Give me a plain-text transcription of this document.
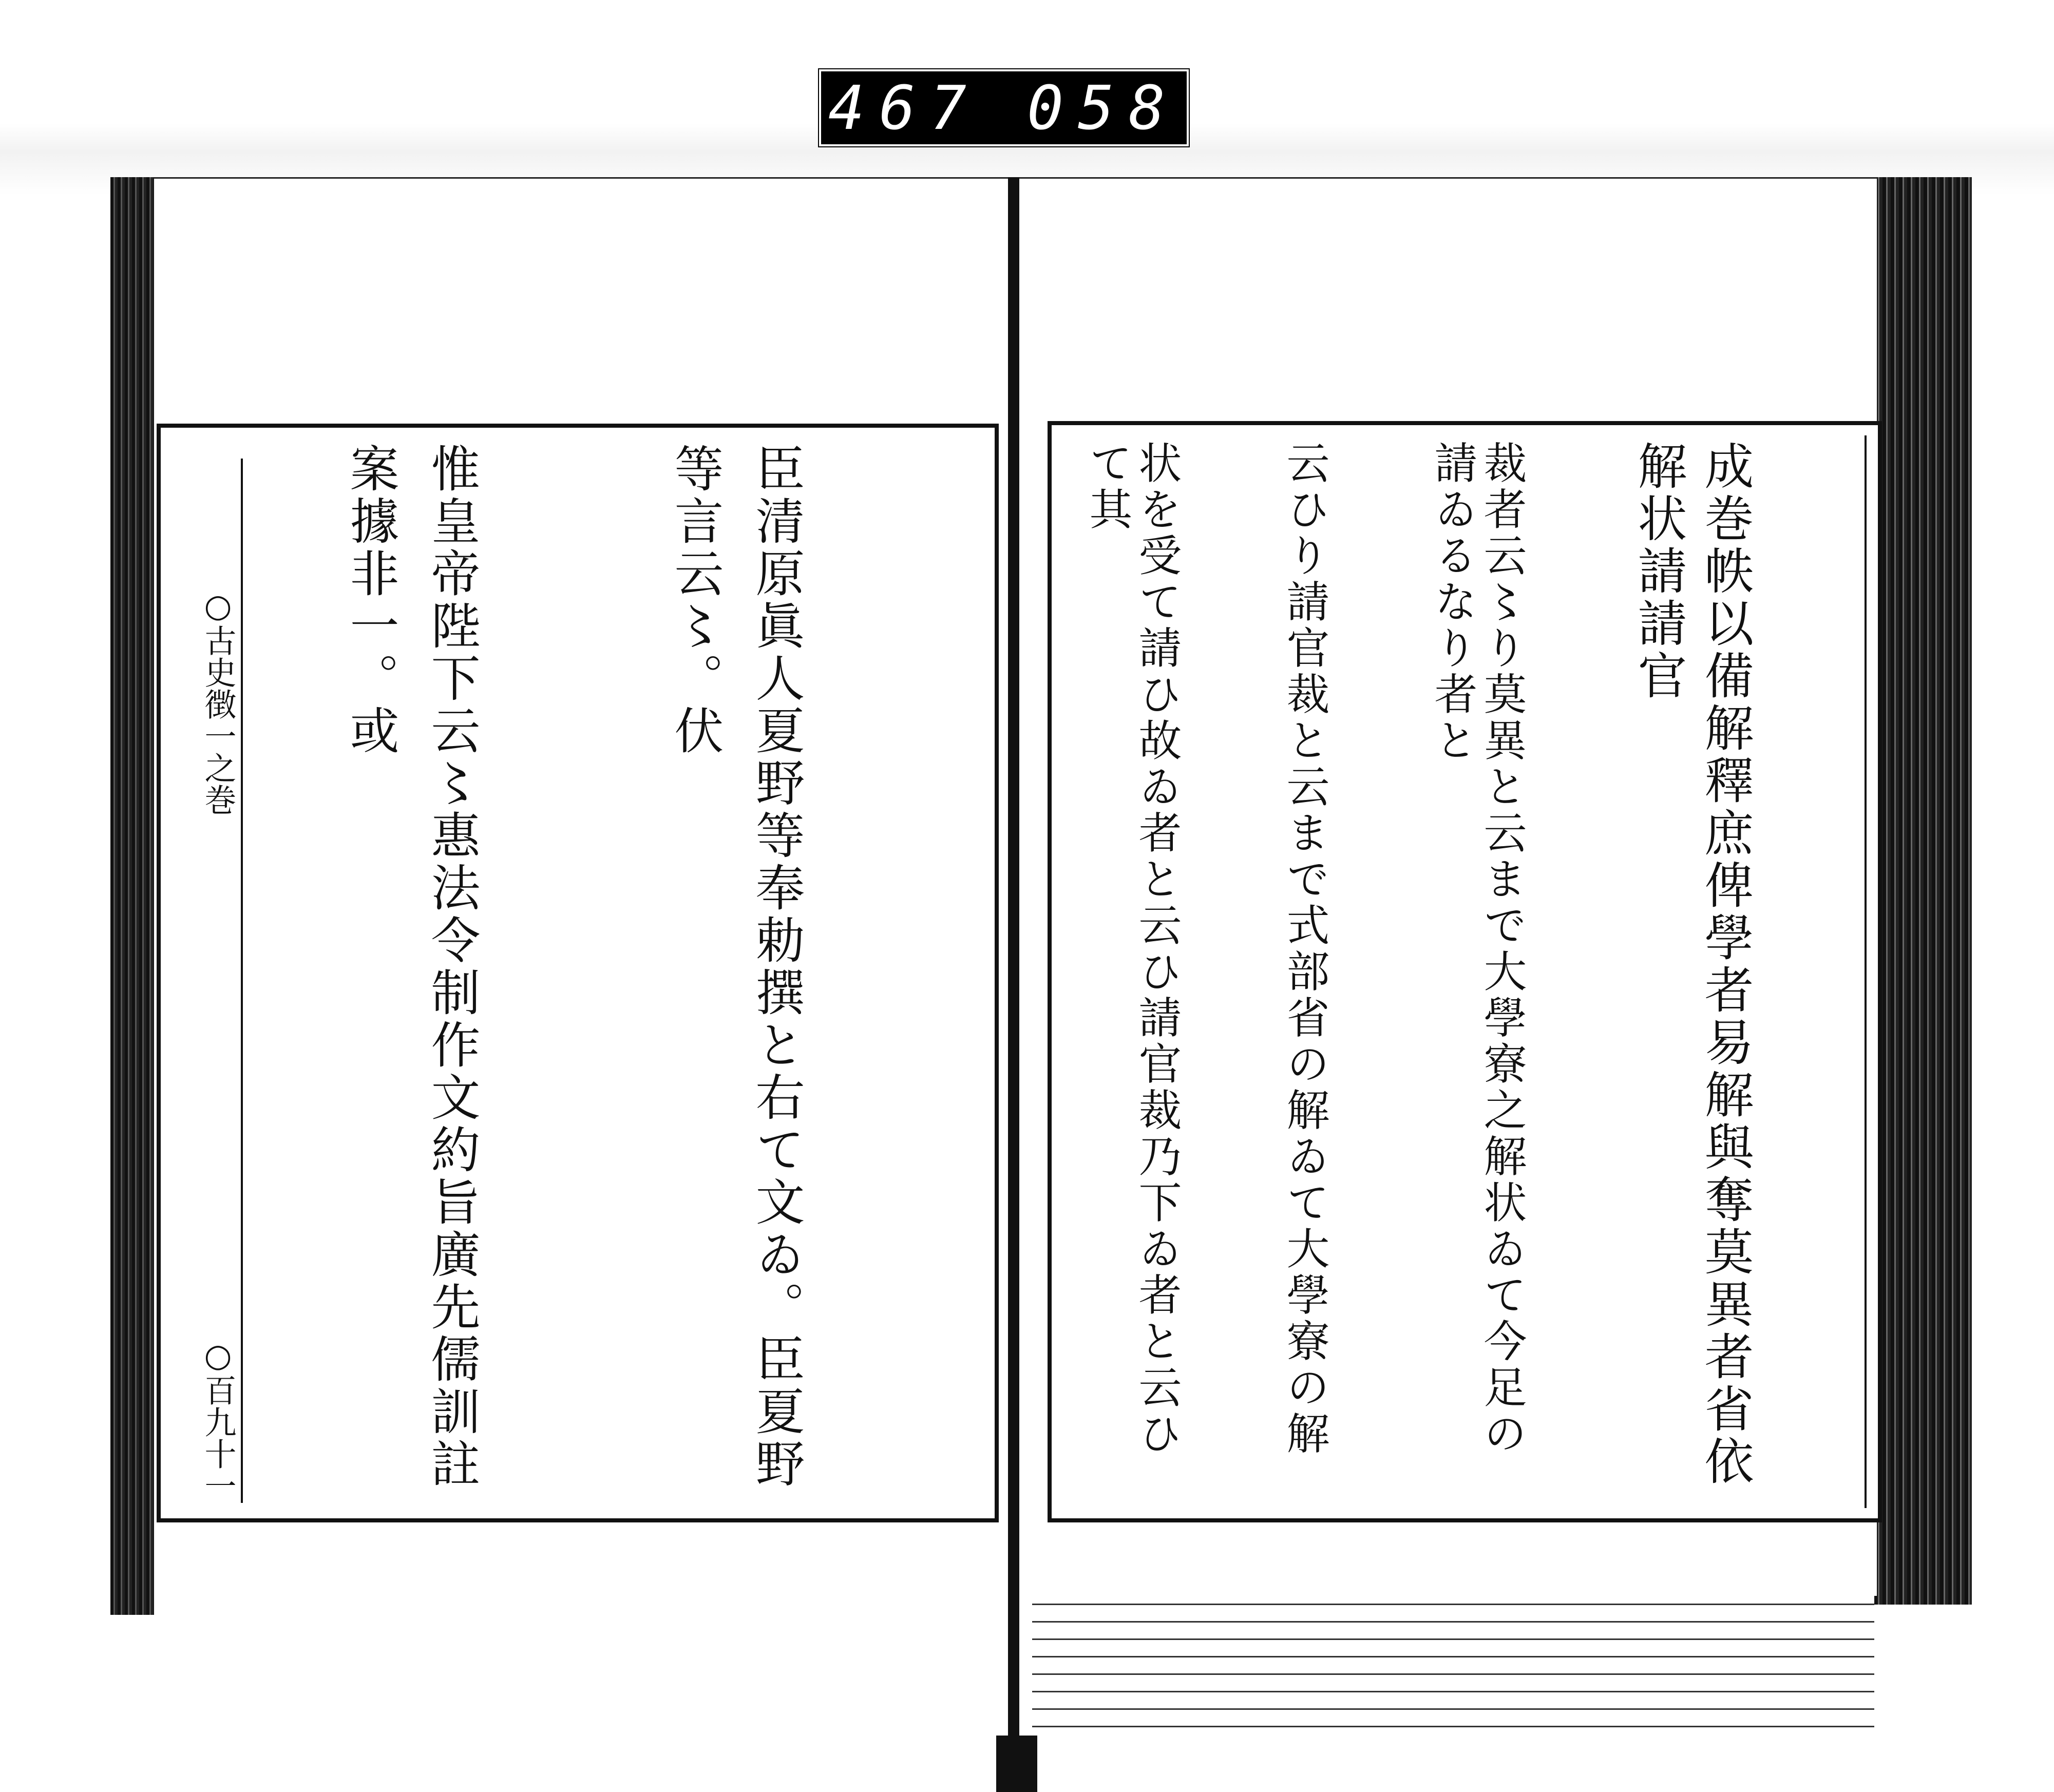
467 058
○古史徴一之巻
○百九十一

	臣清原眞人夏野等奉勅撰と右て文ゐ。臣夏野等言云〻。伏

惟皇帝陛下云〻惠法令制作文約旨廣先儒訓註案據非一。或

	成巻帙以備解釋庶俾學者易解與奪莫異者省依解状請請官

裁者云〻り莫異と云まで大學寮之解状ゐて今足の請ゐるなり者と

云ひり請官裁と云まで式部省の解ゐて大學寮の解

状を受て請ひ故ゐ者と云ひ請官裁乃下ゐ者と云ひて其
